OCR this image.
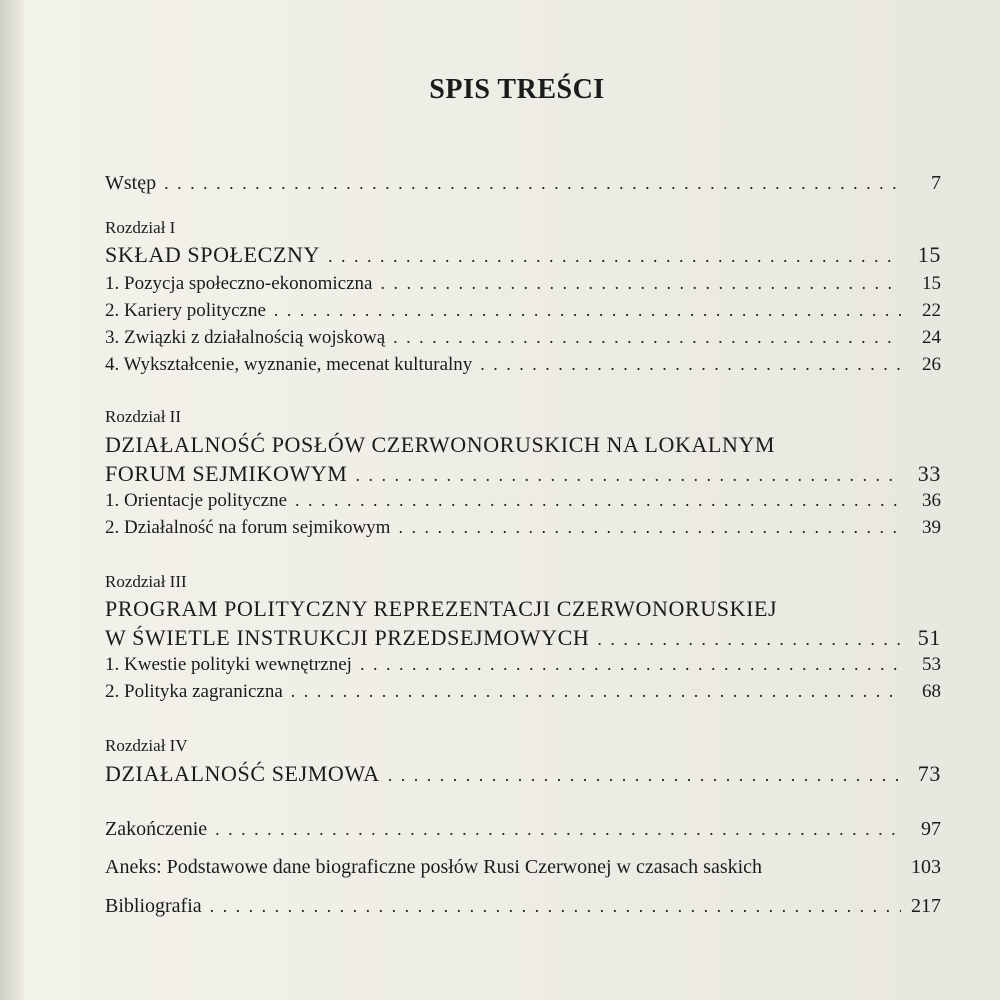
SPIS TREŚCI
Wstęp . . .	7
Rozdział I
SKŁAD SPOŁECZNY . . .	15
1. Pozycja społeczno-ekonomiczna . . .	15
2. Kariery polityczne . . .	22
3. Związki z działalnością wojskową . . .	24
4. Wykształcenie, wyznanie, mecenat kulturalny . . .	26
Rozdział II
DZIAŁALNOŚĆ POSŁÓW CZERWONORUSKICH NA LOKALNYM
FORUM SEJMIKOWYM . . .	33
1. Orientacje polityczne . . .	36
2. Działalność na forum sejmikowym . . .	39
Rozdział III
PROGRAM POLITYCZNY REPREZENTACJI CZERWONORUSKIEJ
W ŚWIETLE INSTRUKCJI PRZEDSEJMOWYCH . . .	51
1. Kwestie polityki wewnętrznej . . .	53
2. Polityka zagraniczna . . .	68
Rozdział IV
DZIAŁALNOŚĆ SEJMOWA . . .	73
Zakończenie . . .	97
Aneks: Podstawowe dane biograficzne posłów Rusi Czerwonej w czasach saskich	103
Bibliografia . . .	217
